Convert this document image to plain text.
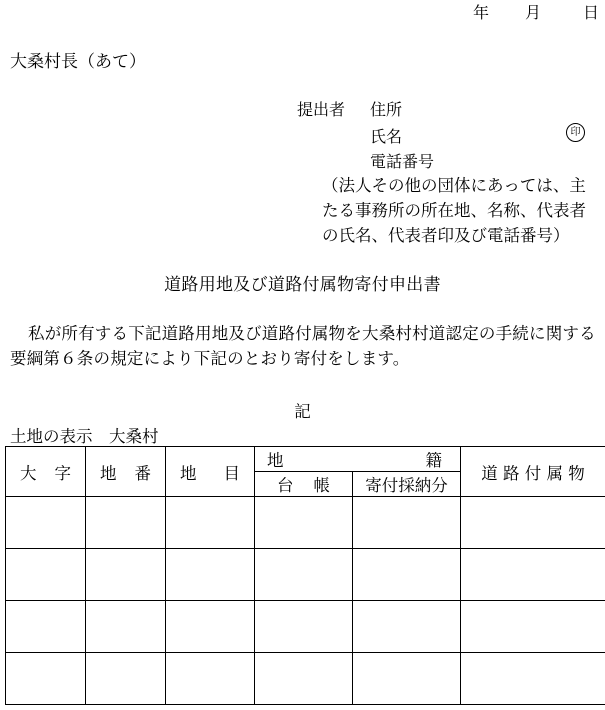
年 月	日
大桑村長（あて）
提出者 住所
氏名	印
電話番号
（法人その他の団体にあっては、主たる事務所の所在地、名称、代表者の氏名、代表者印及び電話番号）
道路用地及び道路付属物寄付申出書
私が所有する下記道路用地及び道路付属物を大桑村村道認定の手続に関する要綱第６条の規定により下記のとおり寄付をします。
記
土地の表示　大桑村
大 字	地 番	地 目	地 籍		道 路 付 属 物

			台 帳	寄付採納分	
